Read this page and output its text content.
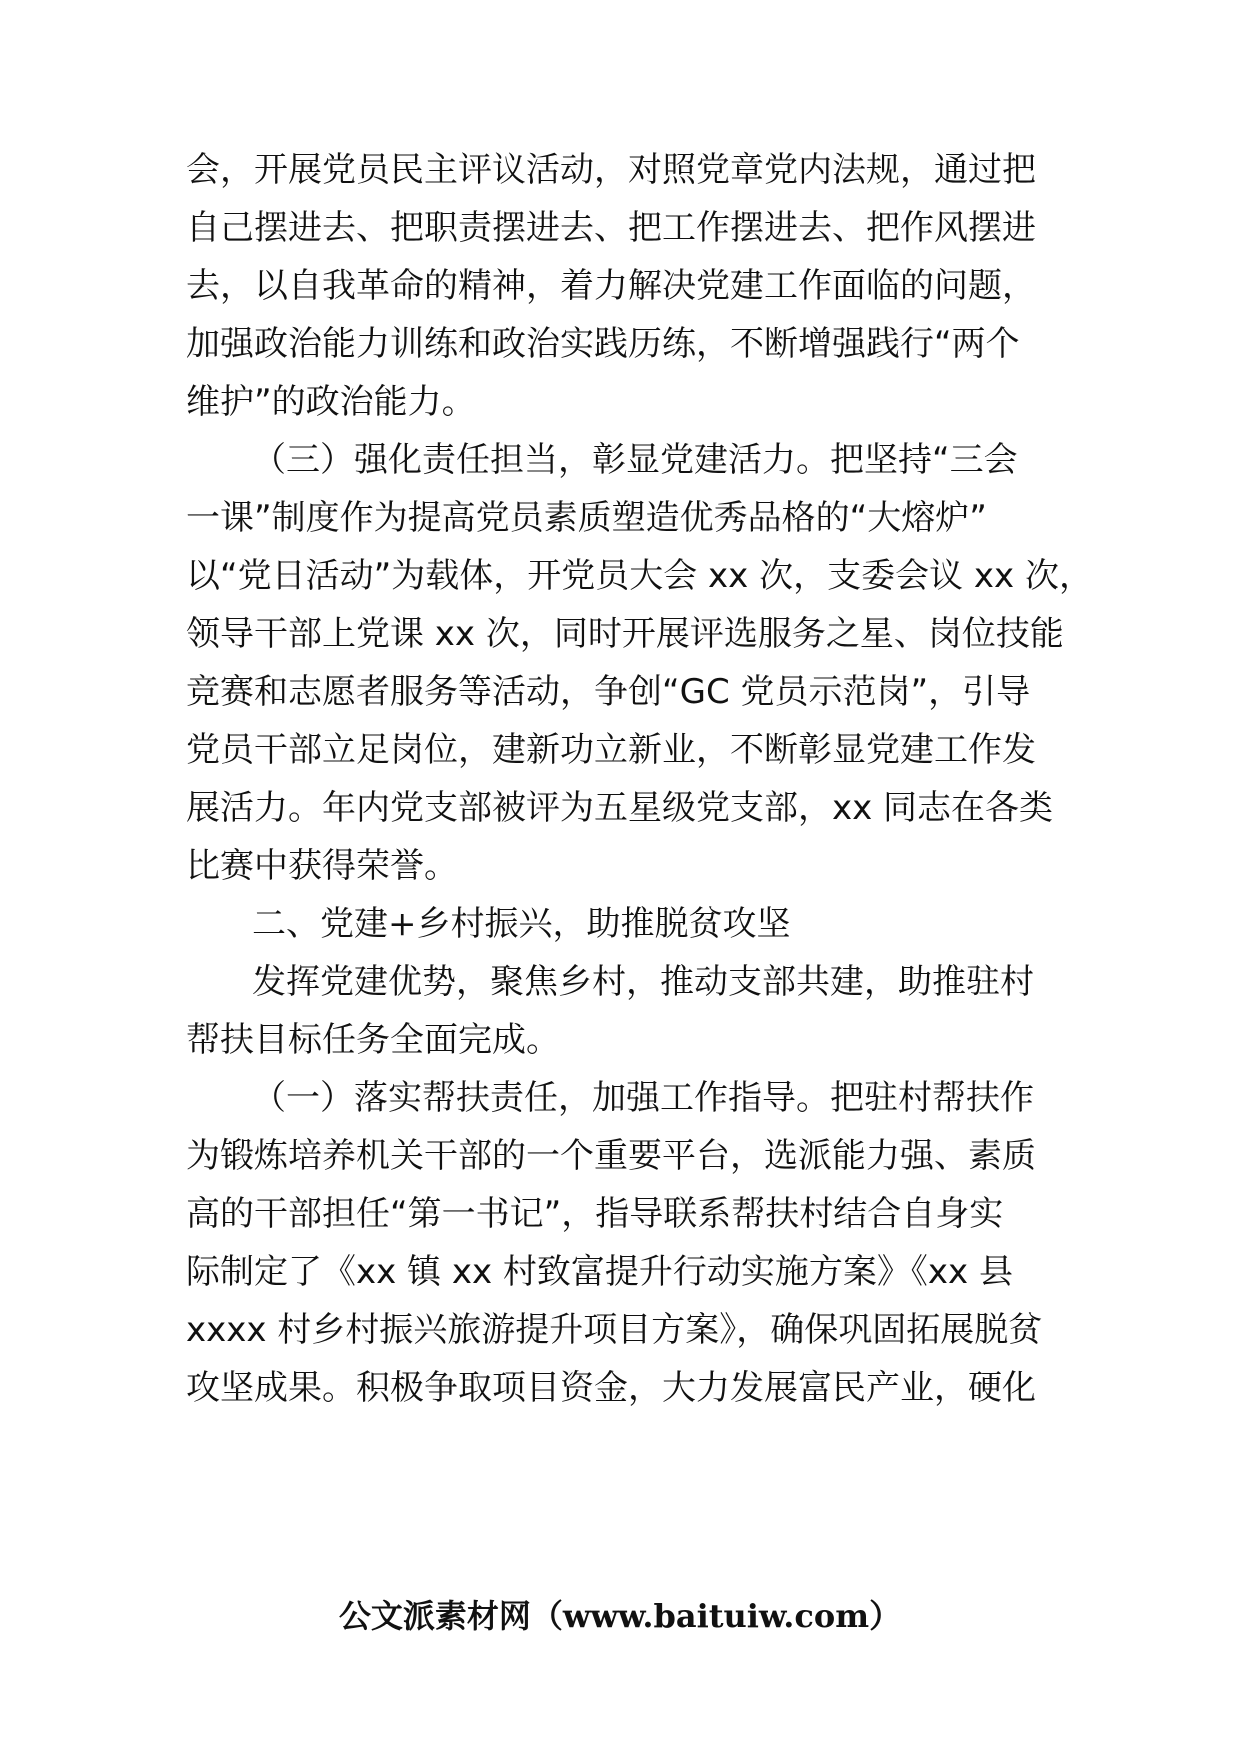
会，开展党员民主评议活动，对照党章党内法规，通过把
自己摆进去、把职责摆进去、把工作摆进去、把作风摆进
去，以自我革命的精神，着力解决党建工作面临的问题，
加强政治能力训练和政治实践历练，不断增强践行“两个
维护”的政治能力。
（三）强化责任担当，彰显党建活力。把坚持“三会
一课”制度作为提高党员素质塑造优秀品格的“大熔炉”
以“党日活动”为载体，开党员大会 xx 次，支委会议 xx 次，
领导干部上党课 xx 次，同时开展评选服务之星、岗位技能
竞赛和志愿者服务等活动，争创“GC 党员示范岗”，引导
党员干部立足岗位，建新功立新业，不断彰显党建工作发
展活力。年内党支部被评为五星级党支部，xx 同志在各类
比赛中获得荣誉。
二、党建+乡村振兴，助推脱贫攻坚
发挥党建优势，聚焦乡村，推动支部共建，助推驻村
帮扶目标任务全面完成。
（一）落实帮扶责任，加强工作指导。把驻村帮扶作
为锻炼培养机关干部的一个重要平台，选派能力强、素质
高的干部担任“第一书记”，指导联系帮扶村结合自身实
际制定了《xx 镇 xx 村致富提升行动实施方案》《xx 县
xxxx 村乡村振兴旅游提升项目方案》，确保巩固拓展脱贫
攻坚成果。积极争取项目资金，大力发展富民产业，硬化
公文派素材网（www.baituiw.com）
